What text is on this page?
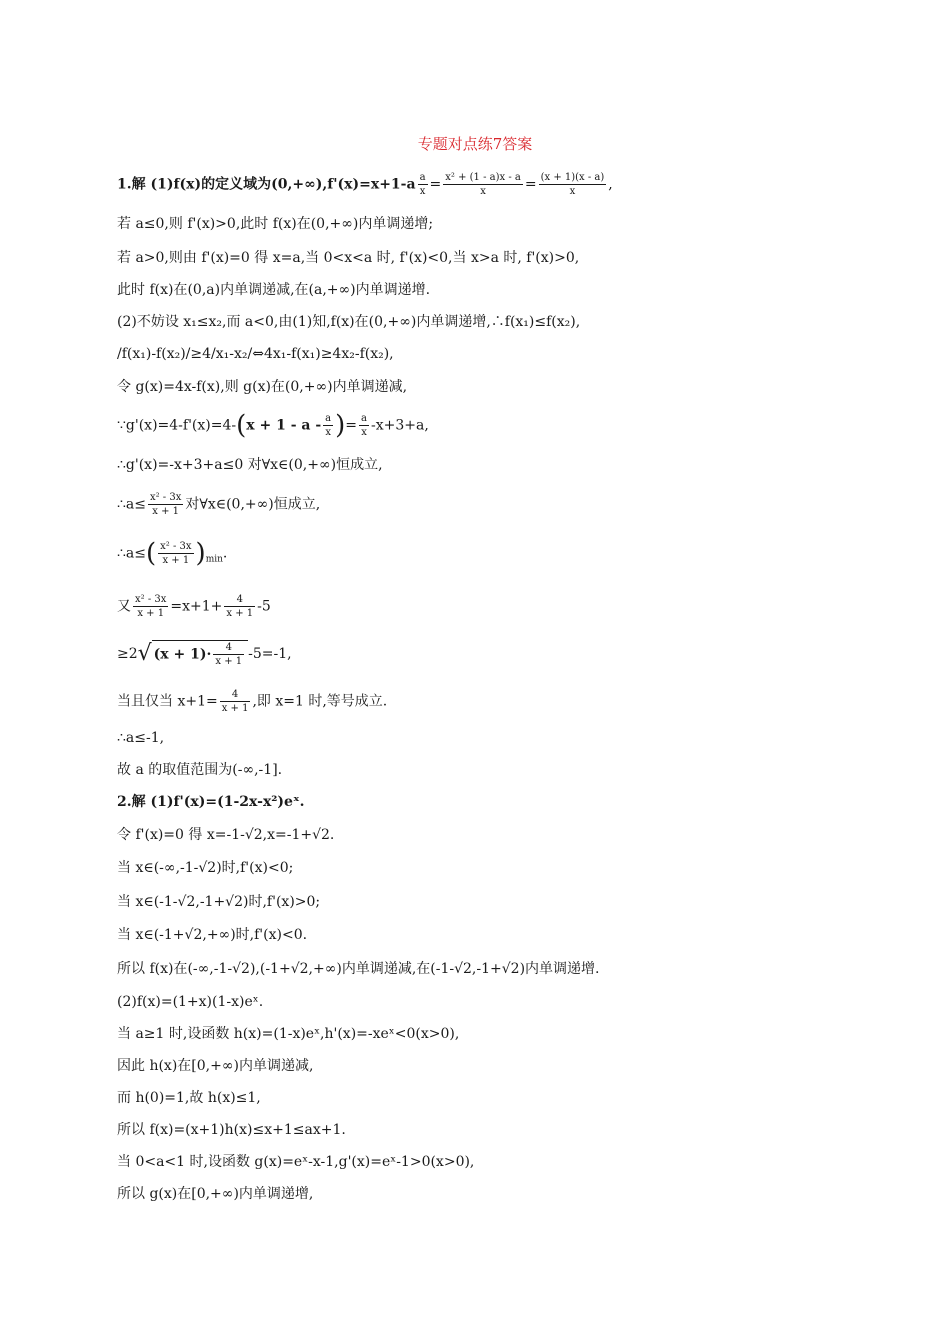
专题对点练7答案
1.解 (1)f(x)的定义域为$(0,+\infty),f'(x)=x+1-a \frac{a}{x} = \frac{\text{x² + (1 - a)x - a}}{x} = \frac{(x + 1)(x - a)}{x}$ ,
若 a≤0,则 f'(x)>0,此时 f(x)在(0,+∞)内单调递增;
若 a>0,则由 f'(x)=0 得 x=a,当 0<x<a 时, f'(x)<0,当 x>a 时, f'(x)>0,
此时 f(x)在(0,a)内单调递减,在(a,+∞)内单调递增.
(2)不妨设 x₁≤x₂,而 a<0,由(1)知,f(x)在(0,+∞)内单调递增,∴f(x₁)≤f(x₂),
/f(x₁)-f(x₂)/≥4/x₁-x₂/⇔4x₁-f(x₁)≥4x₂-f(x₂),
令 g(x)=4x-f(x),则 g(x)在(0,+∞)内单调递减,
∵g'(x)=4-f'(x)=4-(x + 1 - a - $\frac{a}{x}$ )= $\frac{a}{x} -x+3+a$,
∴g'(x)=-x+3+a≤0 对∀x∈(0,+∞)恒成立,
∴a≤ $\frac{\text{x² - 3x}}{x + 1}$ 对∀x∈(0,+∞)恒成立,
∴a≤( $\frac{\text{x² - 3x}}{x + 1} )_{min}$.
又 $\frac{\text{x² - 3x}}{x + 1} =x+1+ \frac{4}{x + 1} -5$
≥2√ $(x + 1)\cdot \frac{4}{x + 1} -5=-1$,
当且仅当 $x+1= \frac{4}{x + 1}$ ,即 x=1 时,等号成立.
∴a≤-1,
故 a 的取值范围为(-∞,-1].
2.解 (1)f'(x)=(1-2x-x²)eˣ.
令 f'(x)=0 得 x=-1-√2,x=-1+√2.
当 x∈(-∞,-1-√2)时,f'(x)<0;
当 x∈(-1-√2,-1+√2)时,f'(x)>0;
当 x∈(-1+√2,+∞)时,f'(x)<0.
所以 f(x)在(-∞,-1-√2),(-1+√2,+∞)内单调递减,在(-1-√2,-1+√2)内单调递增.
(2)f(x)=(1+x)(1-x)eˣ.
当 a≥1 时,设函数 h(x)=(1-x)eˣ,h'(x)=-xeˣ<0(x>0),
因此 h(x)在[0,+∞)内单调递减,
而 h(0)=1,故 h(x)≤1,
所以 f(x)=(x+1)h(x)≤x+1≤ax+1.
当 0<a<1 时,设函数 g(x)=eˣ-x-1,g'(x)=eˣ-1>0(x>0),
所以 g(x)在[0,+∞)内单调递增,
